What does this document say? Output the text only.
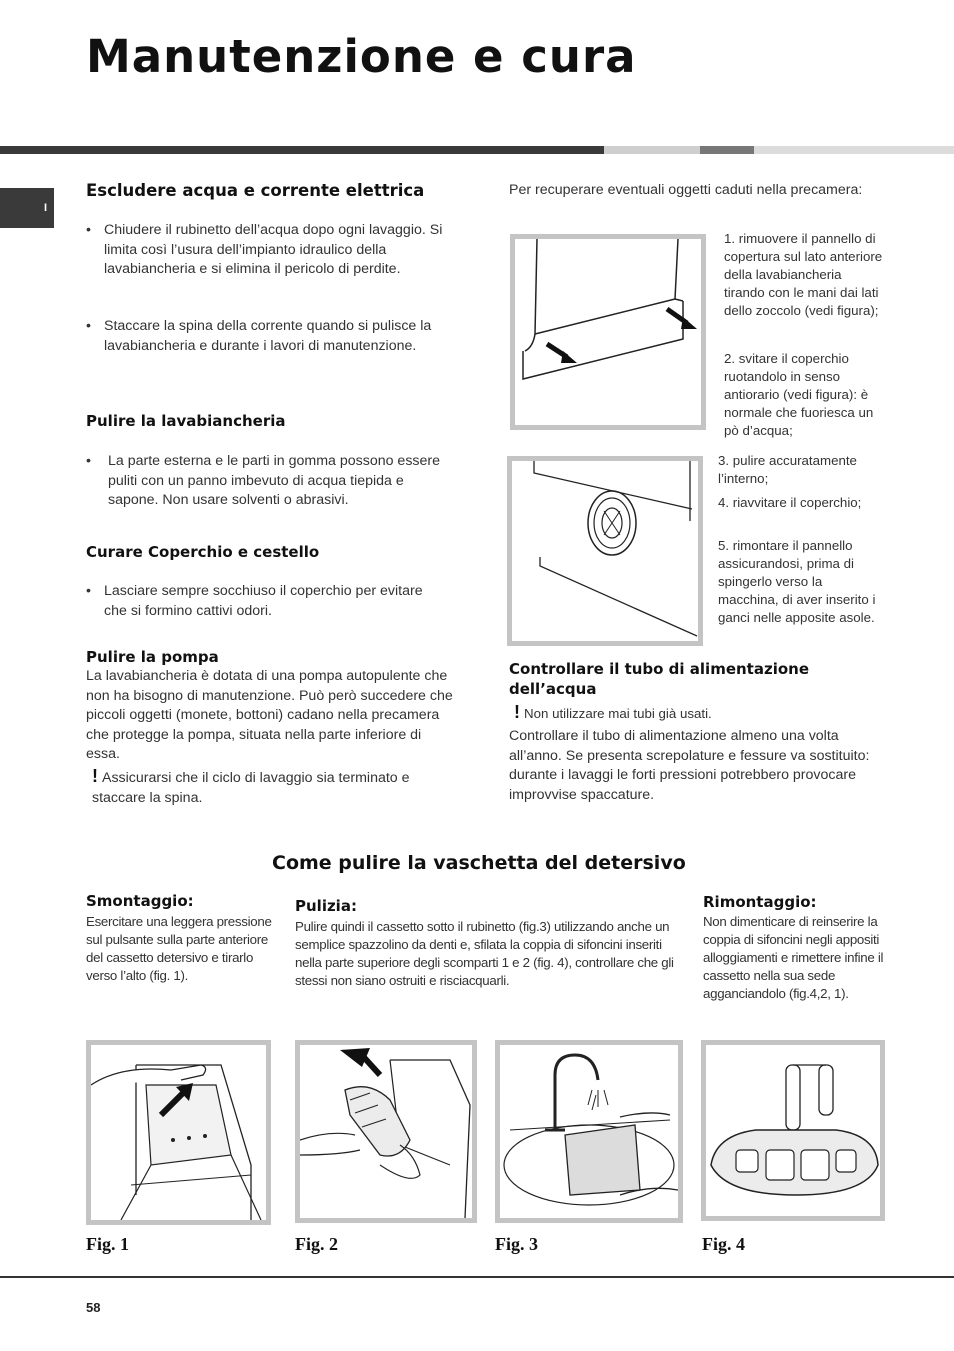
Manutenzione e cura
I
Escludere acqua e corrente elettrica
• Chiudere il rubinetto dell’acqua dopo ogni lavaggio. Si limita così l’usura dell’impianto idraulico della lavabiancheria e si elimina il pericolo di perdite.
• Staccare la spina della corrente quando si pulisce la lavabiancheria e durante i lavori di manutenzione.
Pulire la lavabiancheria
• La parte esterna e le parti in gomma possono essere puliti con un panno imbevuto di acqua tiepida e sapone. Non usare solventi o abrasivi.
Curare Coperchio e cestello
• Lasciare sempre socchiuso il coperchio per evitare che si formino cattivi odori.
Pulire la pompa
La lavabiancheria è dotata di una pompa autopulente che non ha bisogno di manutenzione. Può però succedere che piccoli oggetti (monete, bottoni) cadano nella precamera che protegge la pompa, situata nella parte inferiore di essa.
! Assicurarsi che il ciclo di lavaggio sia terminato e staccare la spina.
Per recuperare eventuali oggetti caduti nella precamera:
1. rimuovere il pannello di copertura sul lato anteriore della lavabiancheria tirando con le mani dai lati dello zoccolo (vedi figura);
2. svitare il coperchio ruotandolo in senso antiorario (vedi figura): è normale che fuoriesca un pò d’acqua;
3. pulire accuratamente l’interno;
4. riavvitare il coperchio;
5. rimontare il pannello assicurandosi, prima di spingerlo verso la macchina, di aver inserito i ganci nelle apposite asole.
Controllare il tubo di alimentazione dell’acqua
! Non utilizzare mai tubi già usati.
Controllare il tubo di alimentazione almeno una volta all’anno. Se presenta screpolature e fessure va sostituito: durante i lavaggi le forti pressioni potrebbero provocare improvvise spaccature.
Come pulire la vaschetta del detersivo
Smontaggio:
Esercitare una leggera pressione sul pulsante sulla parte anteriore del cassetto detersivo e tirarlo verso l’alto (fig. 1).
Pulizia:
Pulire quindi il cassetto sotto il rubinetto (fig.3) utilizzando anche un semplice spazzolino da denti e, sfilata la coppia di sifoncini inseriti nella parte superiore degli scomparti 1 e 2 (fig. 4), controllare che gli stessi non siano ostruiti e risciacquarli.
Rimontaggio:
Non dimenticare di reinserire la coppia di sifoncini negli appositi alloggiamenti e rimettere infine il cassetto nella sua sede agganciandolo (fig.4,2, 1).
Fig. 1	Fig. 2	Fig. 3	Fig. 4
58
